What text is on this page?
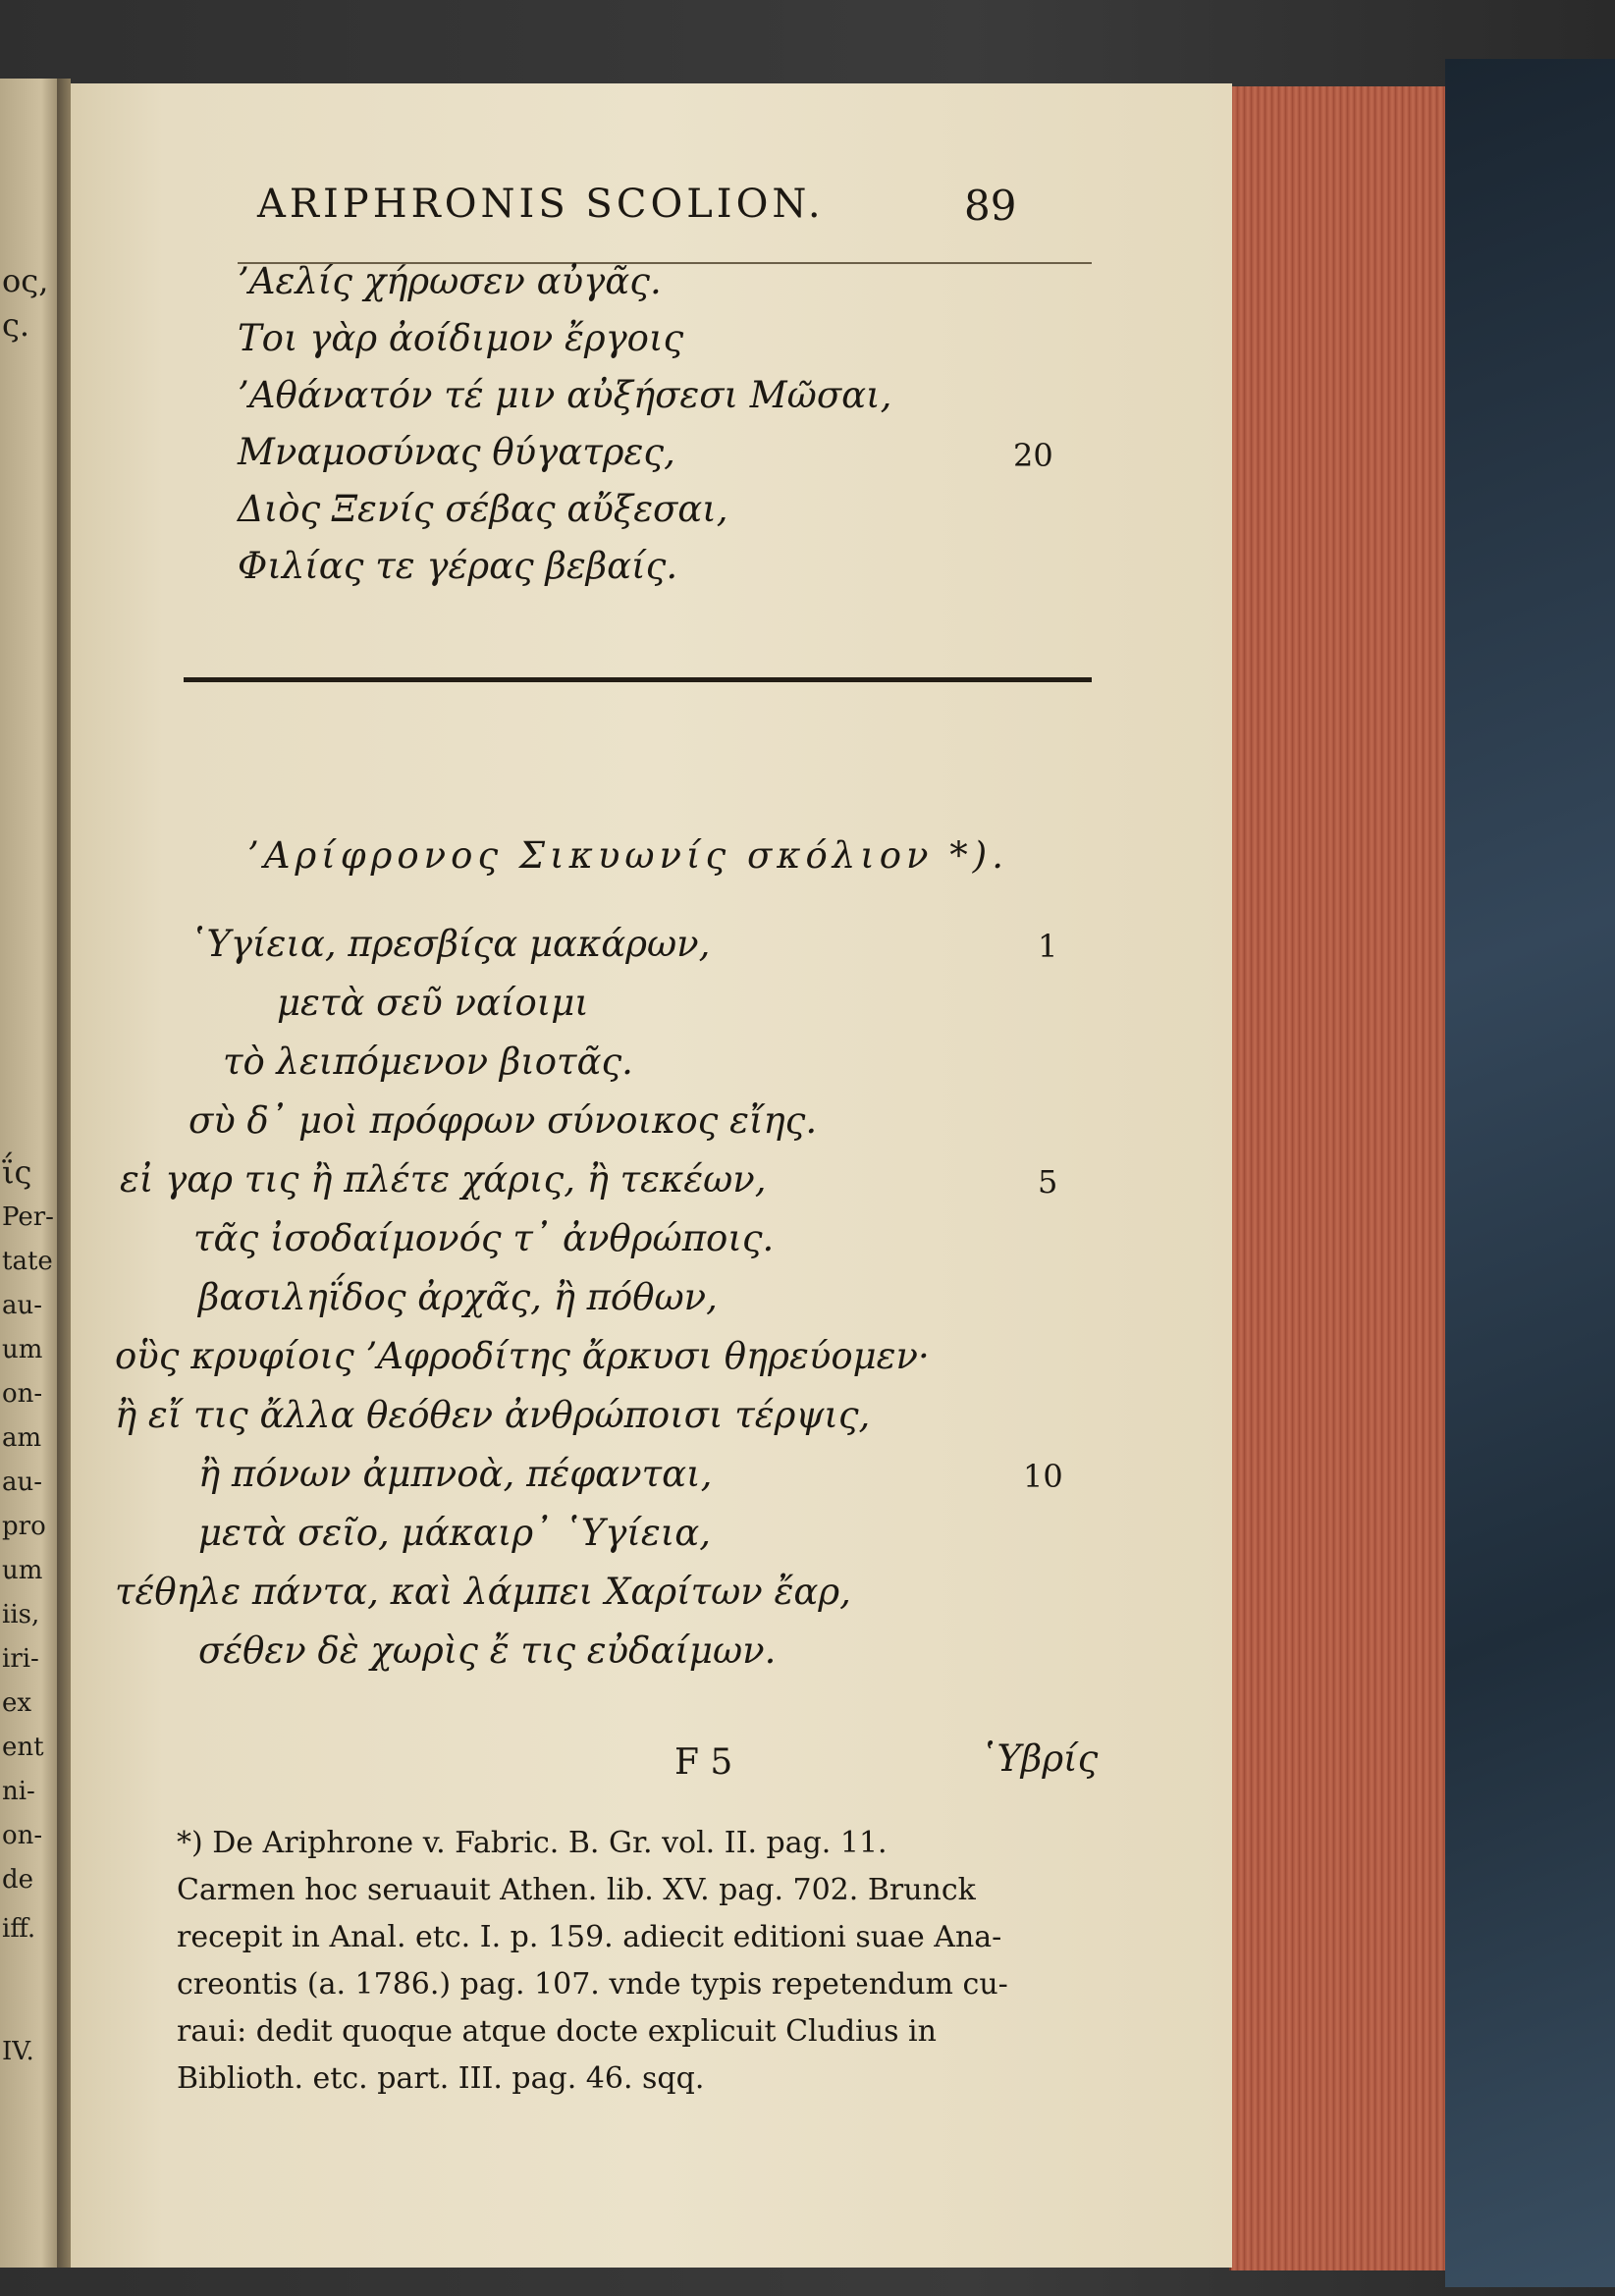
ος,
ς.
ΐς
Per-
tate
au-
um
on-
am
au-
pro
um
iis,
iri-
ex
ent
ni-
on-
de
iff.
IV.
ARIPHRONIS SCOLION.	89
’Αελίς χήρωσεν αὐγᾶς.
Τοι γὰρ ἀοίδιμον ἔργοις
’Αθάνατόν τέ μιν αὐξήσεσι Μῶσαι,
Μναμοσύνας θύγατρες,	20
Διὸς Ξενίς σέβας αὔξεσαι,
Φιλίας τε γέρας βεβαίς.
’Αρίφρονος Σικυωνίς σκόλιον *).
῾Υγίεια, πρεσβίςα μακάρων,	1
μετὰ σεῦ ναίοιμι
τὸ λειπόμενον βιοτᾶς.
σὺ δ᾽ μοὶ πρόφρων σύνοικος εἴης.
εἰ γαρ τις ἢ πλέτε χάρις, ἢ τεκέων,	5
τᾶς ἰσοδαίμονός τ᾽ ἀνθρώποις.
βασιληΐδος ἀρχᾶς, ἢ πόθων,
οὓς κρυφίοις ’Αφροδίτης ἄρκυσι θηρεύομεν·
ἢ εἴ τις ἄλλα θεόθεν ἀνθρώποισι τέρψις,
ἢ πόνων ἀμπνοὰ, πέφανται,	10
μετὰ σεῖο, μάκαιρ᾽ ῾Υγίεια,
τέθηλε πάντα, καὶ λάμπει Χαρίτων ἔαρ,
σέθεν δὲ χωρὶς ἔ τις εὐδαίμων.
F 5	῾Υβρίς
*) De Ariphrone v. Fabric. B. Gr. vol. II. pag. 11.
Carmen hoc seruauit Athen. lib. XV. pag. 702. Brunck
recepit in Anal. etc. I. p. 159. adiecit editioni suae Ana-
creontis (a. 1786.) pag. 107. vnde typis repetendum cu-
raui: dedit quoque atque docte explicuit Cludius in
Biblioth. etc. part. III. pag. 46. sqq.
